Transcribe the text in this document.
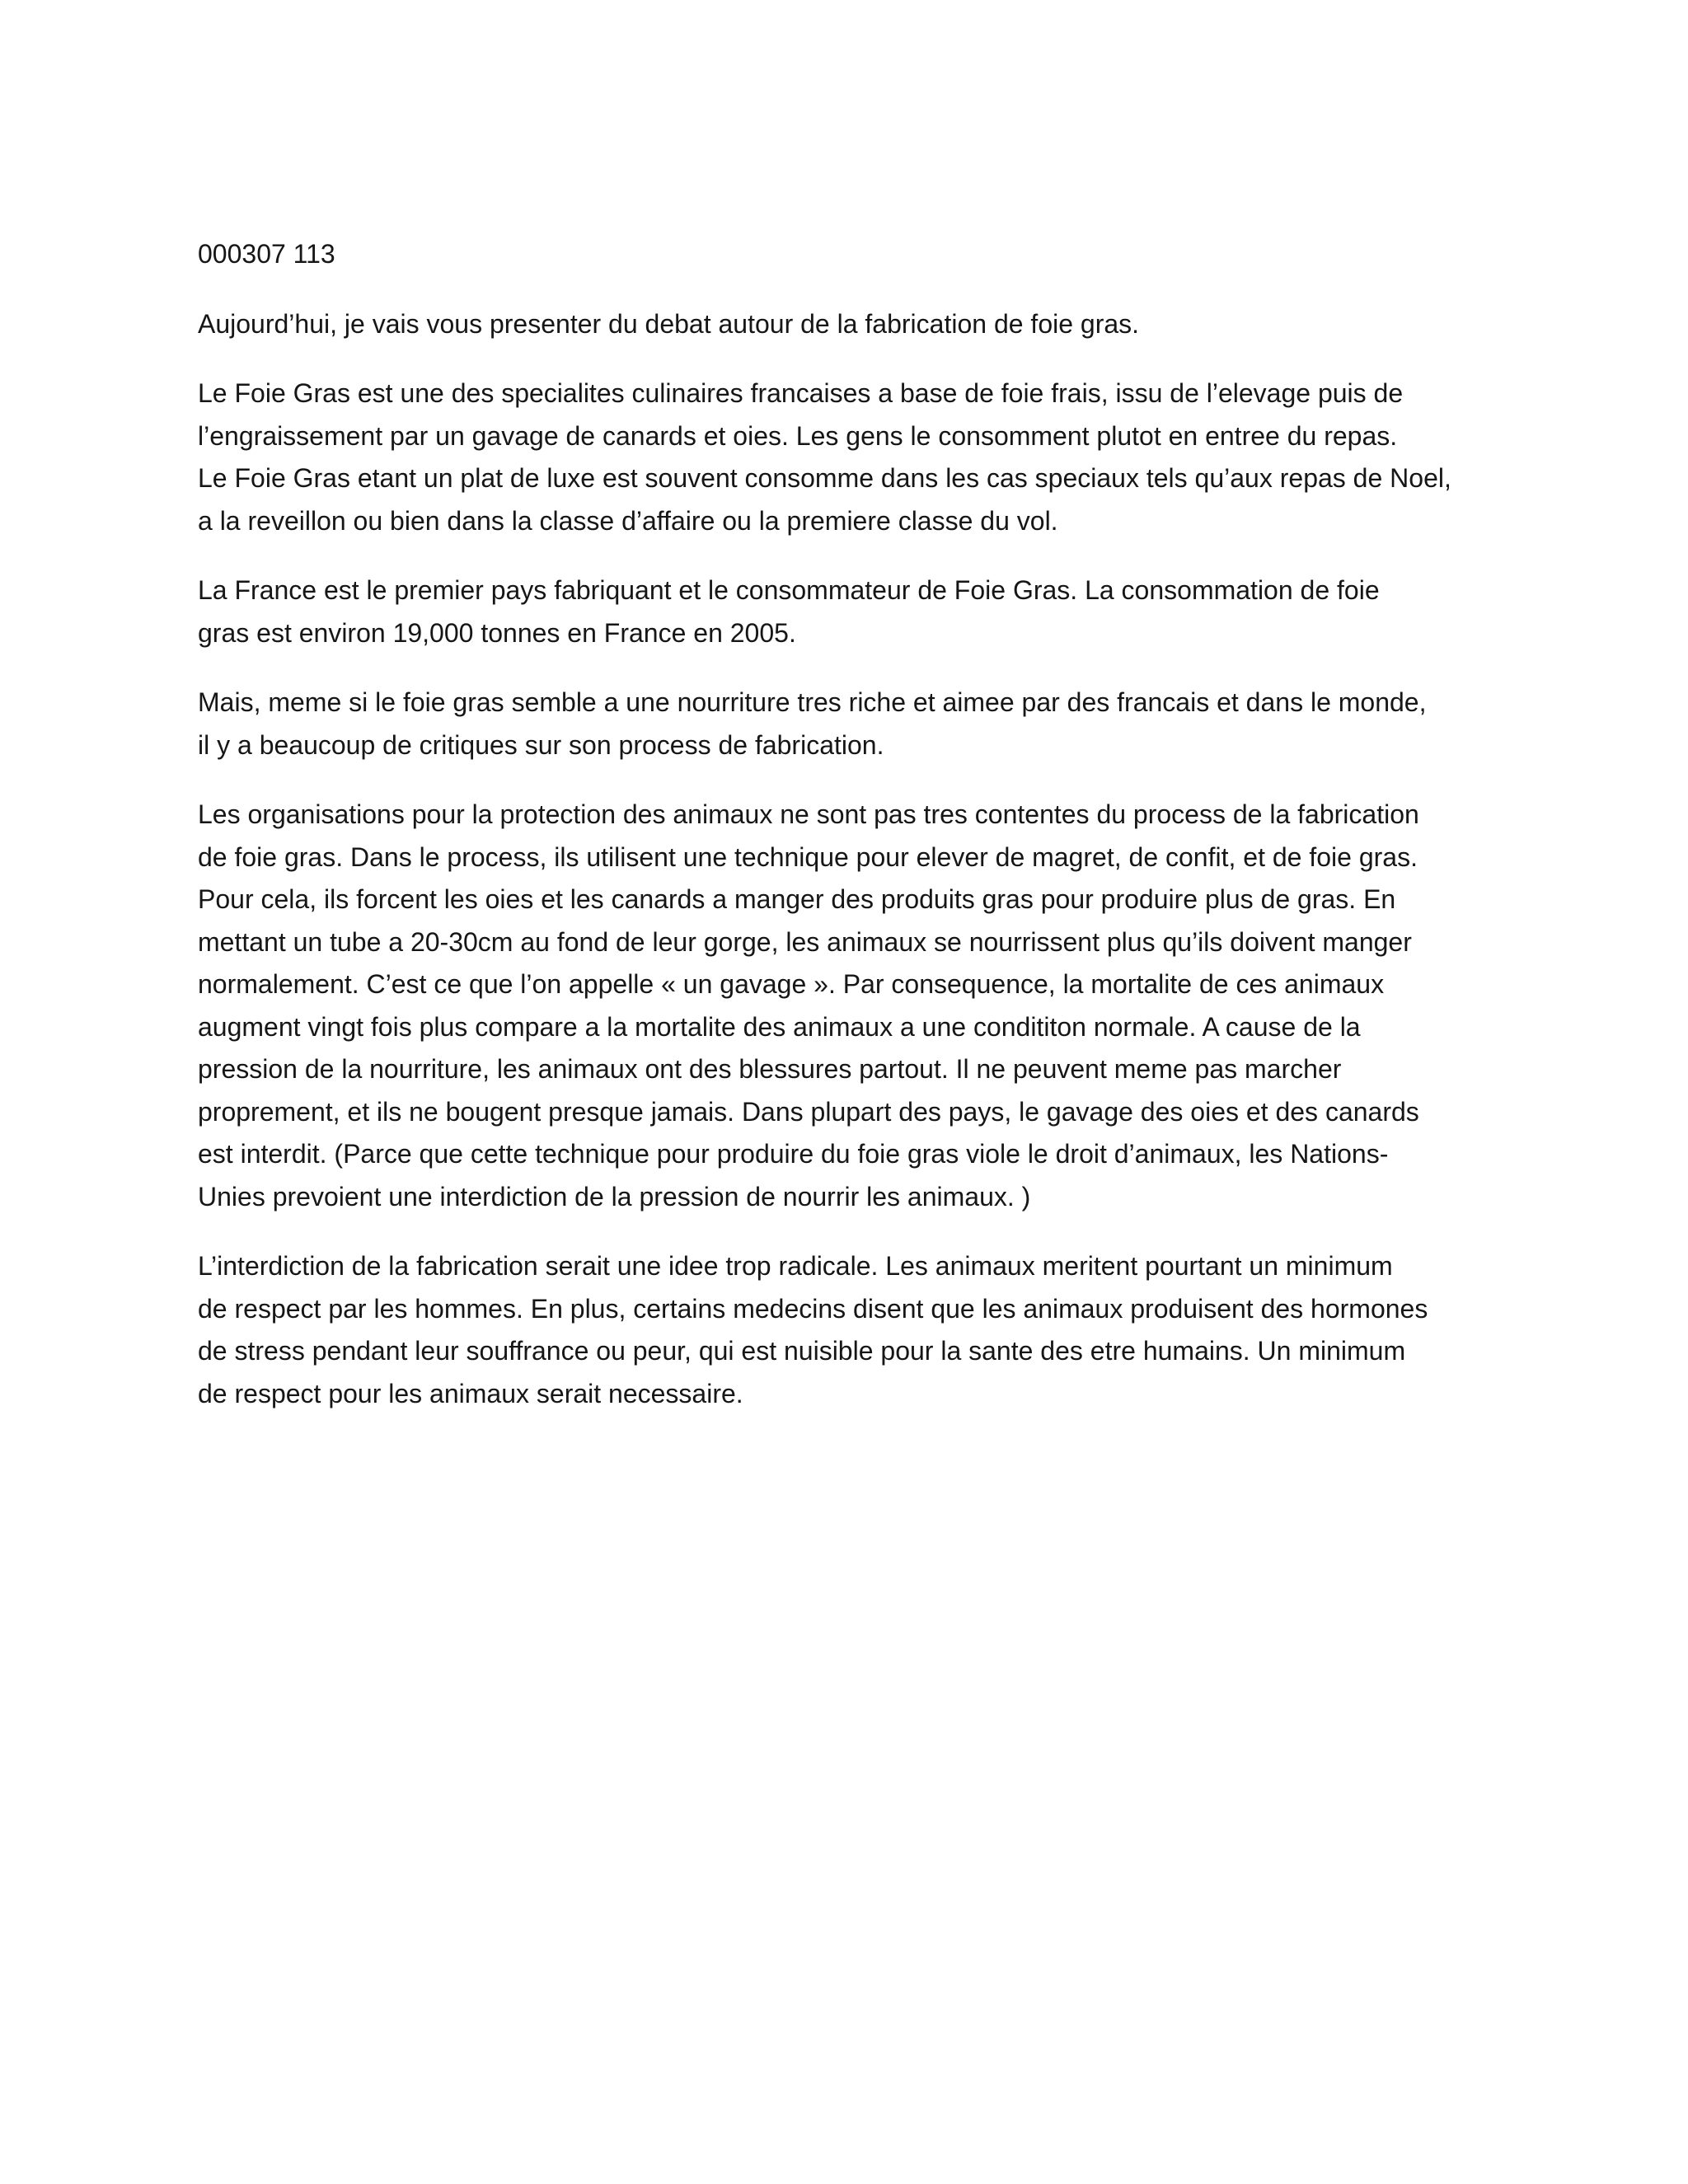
000307 113

Aujourd’hui, je vais vous presenter du debat autour de la fabrication de foie gras.

Le Foie Gras est une des specialites culinaires francaises a base de foie frais, issu de l’elevage puis de
l’engraissement par un gavage de canards et oies. Les gens le consomment plutot en entree du repas.
Le Foie Gras etant un plat de luxe est souvent consomme dans les cas speciaux tels qu’aux repas de Noel,
a la reveillon ou bien dans la classe d’affaire ou la premiere classe du vol.

La France est le premier pays fabriquant et le consommateur de Foie Gras. La consommation de foie
gras est environ 19,000 tonnes en France en 2005.

Mais, meme si le foie gras semble a une nourriture tres riche et aimee par des francais et dans le monde,
il y a beaucoup de critiques sur son process de fabrication.

Les organisations pour la protection des animaux ne sont pas tres contentes du process de la fabrication
de foie gras. Dans le process, ils utilisent une technique pour elever de magret, de confit, et de foie gras.
Pour cela, ils forcent les oies et les canards a manger des produits gras pour produire plus de gras. En
mettant un tube a 20-30cm au fond de leur gorge, les animaux se nourrissent plus qu’ils doivent manger
normalement. C’est ce que l’on appelle « un gavage ». Par consequence, la mortalite de ces animaux
augment vingt fois plus compare a la mortalite des animaux a une condititon normale. A cause de la
pression de la nourriture, les animaux ont des blessures partout. Il ne peuvent meme pas marcher
proprement, et ils ne bougent presque jamais. Dans plupart des pays, le gavage des oies et des canards
est interdit. (Parce que cette technique pour produire du foie gras viole le droit d’animaux, les Nations-
Unies prevoient une interdiction de la pression de nourrir les animaux. )

L’interdiction de la fabrication serait une idee trop radicale. Les animaux meritent pourtant un minimum
de respect par les hommes. En plus, certains medecins disent que les animaux produisent des hormones
de stress pendant leur souffrance ou peur, qui est nuisible pour la sante des etre humains. Un minimum
de respect pour les animaux serait necessaire.
